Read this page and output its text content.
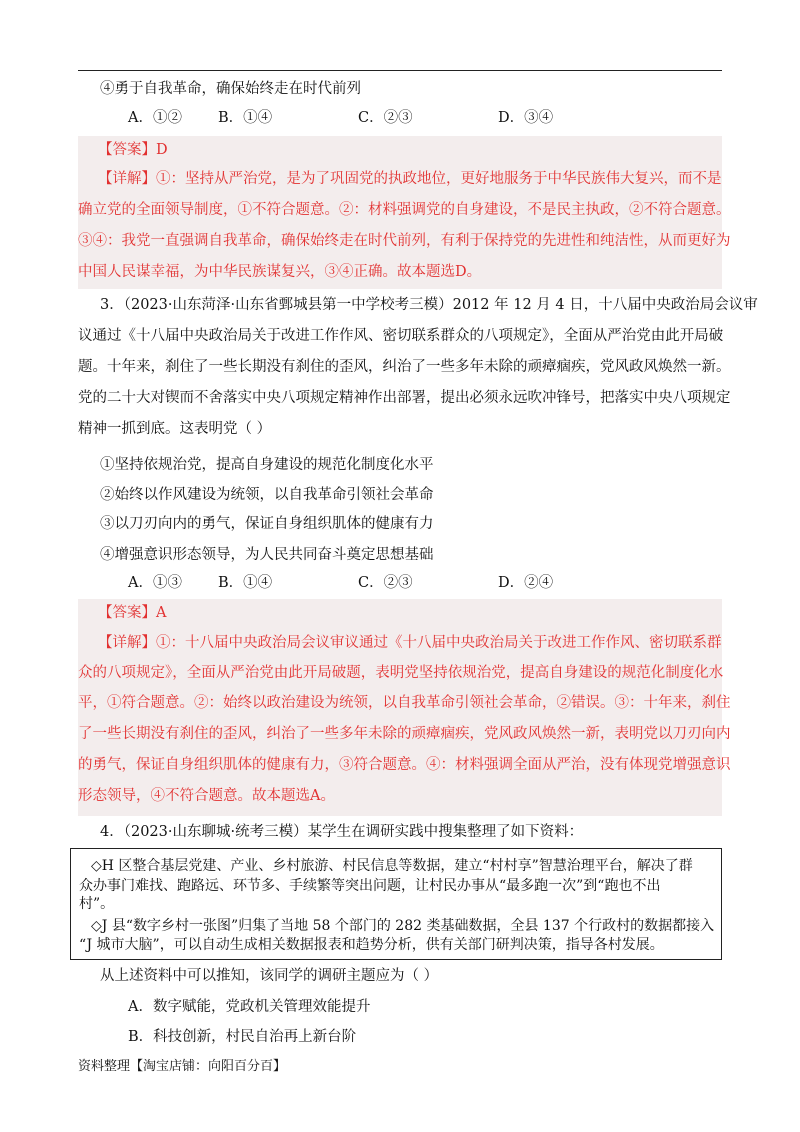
④勇于自我革命，确保始终走在时代前列
A．①② B．①④	C．②③	D．③④
【答案】D
【详解】①：坚持从严治党，是为了巩固党的执政地位，更好地服务于中华民族伟大复兴，而不是
确立党的全面领导制度，①不符合题意。②：材料强调党的自身建设，不是民主执政，②不符合题意。
③④：我党一直强调自我革命，确保始终走在时代前列，有利于保持党的先进性和纯洁性，从而更好为
中国人民谋幸福，为中华民族谋复兴，③④正确。故本题选D。
3．（2023·山东菏泽·山东省鄄城县第一中学校考三模）2012 年 12 月 4 日，十八届中央政治局会议审
议通过《十八届中央政治局关于改进工作作风、密切联系群众的八项规定》，全面从严治党由此开局破
题。十年来，刹住了一些长期没有刹住的歪风，纠治了一些多年未除的顽瘴痼疾，党风政风焕然一新。
党的二十大对锲而不舍落实中央八项规定精神作出部署，提出必须永远吹冲锋号，把落实中央八项规定
精神一抓到底。这表明党（ ）
①坚持依规治党，提高自身建设的规范化制度化水平
②始终以作风建设为统领，以自我革命引领社会革命
③以刀刃向内的勇气，保证自身组织肌体的健康有力
④增强意识形态领导，为人民共同奋斗奠定思想基础
A．①③ B．①④	C．②③	D．②④
【答案】A
【详解】①：十八届中央政治局会议审议通过《十八届中央政治局关于改进工作作风、密切联系群
众的八项规定》，全面从严治党由此开局破题，表明党坚持依规治党，提高自身建设的规范化制度化水
平，①符合题意。②：始终以政治建设为统领，以自我革命引领社会革命，②错误。③：十年来，刹住
了一些长期没有刹住的歪风，纠治了一些多年未除的顽瘴痼疾，党风政风焕然一新，表明党以刀刃向内
的勇气，保证自身组织肌体的健康有力，③符合题意。④：材料强调全面从严治，没有体现党增强意识
形态领导，④不符合题意。故本题选A。
4．（2023·山东聊城·统考三模）某学生在调研实践中搜集整理了如下资料：
◇H 区整合基层党建、产业、乡村旅游、村民信息等数据，建立“村村享”智慧治理平台，解决了群
众办事门难找、跑路远、环节多、手续繁等突出问题，让村民办事从“最多跑一次”到“跑也不出
村”。
◇J 县“数字乡村一张图”归集了当地 58 个部门的 282 类基础数据，全县 137 个行政村的数据都接入
“J 城市大脑”，可以自动生成相关数据报表和趋势分析，供有关部门研判决策，指导各村发展。
从上述资料中可以推知，该同学的调研主题应为（ ）
A．数字赋能，党政机关管理效能提升
B．科技创新，村民自治再上新台阶
资料整理【淘宝店铺：向阳百分百】
